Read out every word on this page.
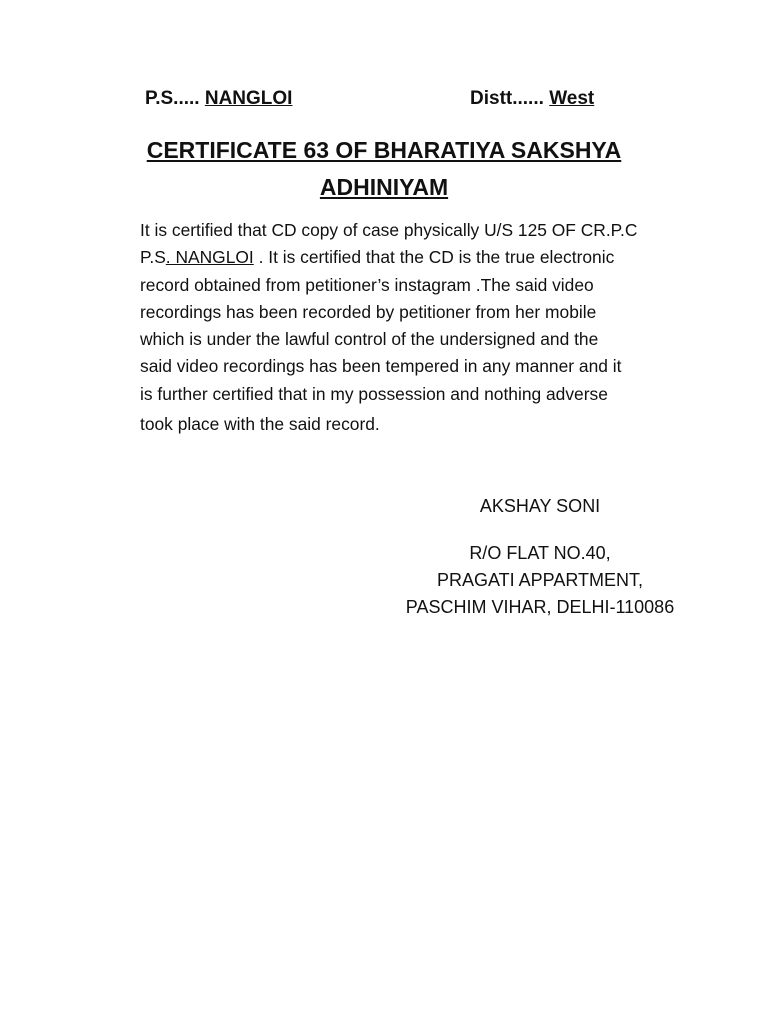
P.S..... NANGLOI	Distt...... West
CERTIFICATE 63 OF BHARATIYA SAKSHYA
ADHINIYAM
It is certified that CD copy of case physically U/S 125 OF CR.P.C
P.S. NANGLOI . It is certified that the CD is the true electronic
record obtained from petitioner’s instagram .The said video
recordings has been recorded by petitioner from her mobile
which is under the lawful control of the undersigned and the
said video recordings has been tempered in any manner and it
is further certified that in my possession and nothing adverse
took place with the said record.
AKSHAY SONI
R/O FLAT NO.40,
PRAGATI APPARTMENT,
PASCHIM VIHAR, DELHI-110086
